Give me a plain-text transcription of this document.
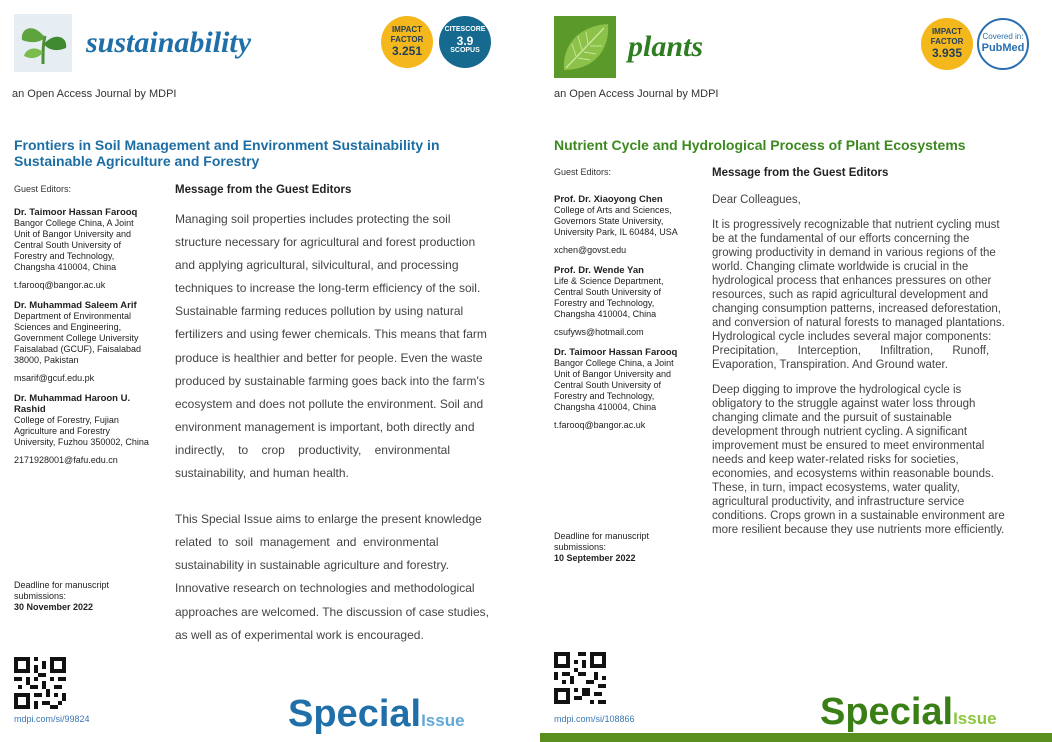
sustainability
an Open Access Journal by MDPI
IMPACT
FACTOR
3.251
CITESCORE
3.9
SCOPUS
Frontiers in Soil Management and Environment Sustainability in
Sustainable Agriculture and Forestry
Guest Editors:	Message from the Guest Editors
Dr. Taimoor Hassan Farooq
Bangor College China, A Joint
Unit of Bangor University and
Central South University of
Forestry and Technology,
Changsha 410004, China
t.farooq@bangor.ac.uk
Dr. Muhammad Saleem Arif
Department of Environmental
Sciences and Engineering,
Government College University
Faisalabad (GCUF), Faisalabad
38000, Pakistan
msarif@gcuf.edu.pk
Dr. Muhammad Haroon U.
Rashid
College of Forestry, Fujian
Agriculture and Forestry
University, Fuzhou 350002, China
2171928001@fafu.edu.cn
Deadline for manuscript
submissions:
30 November 2022
mdpi.com/si/99824
Managing soil properties includes protecting the soil
structure necessary for agricultural and forest production
and applying agricultural, silvicultural, and processing
techniques to increase the long-term efficiency of the soil.
Sustainable farming reduces pollution by using natural
fertilizers and using fewer chemicals. This means that farm
produce is healthier and better for people. Even the waste
produced by sustainable farming goes back into the farm's
ecosystem and does not pollute the environment. Soil and
environment management is important, both directly and
indirectly,    to    crop    productivity,    environmental
sustainability, and human health.
This Special Issue aims to enlarge the present knowledge
related  to  soil  management  and  environmental
sustainability in sustainable agriculture and forestry.
Innovative research on technologies and methodological
approaches are welcomed. The discussion of case studies,
as well as of experimental work is encouraged.
SpecialIssue
plants
an Open Access Journal by MDPI
IMPACT
FACTOR
3.935
Covered in:
PubMed
Nutrient Cycle and Hydrological Process of Plant Ecosystems
Guest Editors:	Message from the Guest Editors
Prof. Dr. Xiaoyong Chen
College of Arts and Sciences,
Governors State University,
University Park, IL 60484, USA
xchen@govst.edu
Prof. Dr. Wende Yan
Life & Science Department,
Central South University of
Forestry and Technology,
Changsha 410004, China
csufyws@hotmail.com
Dr. Taimoor Hassan Farooq
Bangor College China, a Joint
Unit of Bangor University and
Central South University of
Forestry and Technology,
Changsha 410004, China
t.farooq@bangor.ac.uk
Deadline for manuscript
submissions:
10 September 2022
mdpi.com/si/108866
Dear Colleagues,
It is progressively recognizable that nutrient cycling must
be at the fundamental of our efforts concerning the
growing productivity in demand in various regions of the
world. Changing climate worldwide is crucial in the
hydrological process that enhances pressures on other
resources, such as rapid agricultural development and
changing consumption patterns, increased deforestation,
and conversion of natural forests to managed plantations.
Hydrological cycle includes several major components:
Precipitation,      Interception,      Infiltration,      Runoff,
Evaporation, Transpiration. And Ground water.
Deep digging to improve the hydrological cycle is
obligatory to the struggle against water loss through
changing climate and the pursuit of sustainable
development through nutrient cycling. A significant
improvement must be ensured to meet environmental
needs and keep water-related risks for societies,
economies, and ecosystems within reasonable bounds.
These, in turn, impact ecosystems, water quality,
agricultural productivity, and infrastructure service
conditions. Crops grown in a sustainable environment are
more resilient because they use nutrients more efficiently.
SpecialIssue
